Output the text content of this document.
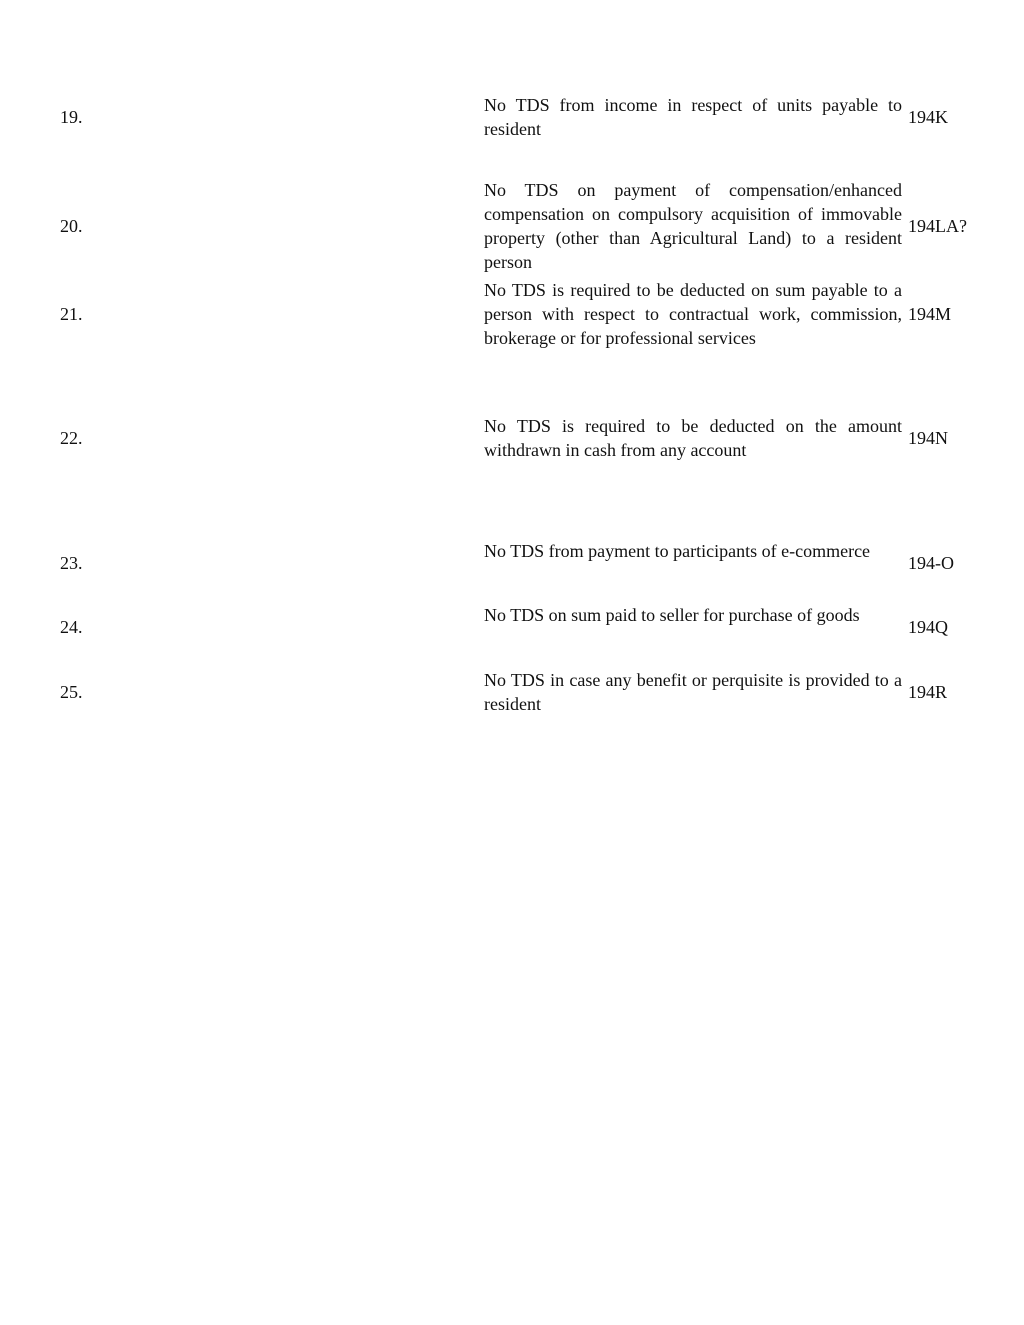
19.
No TDS from income in respect of units payable to resident
194K
20.
No TDS on payment of compensation/enhanced compensation on compulsory acquisition of immovable property (other than Agricultural Land) to a resident person
194LA?
21.
No TDS is required to be deducted on sum payable to a person with respect to contractual work, commission, brokerage or for professional services
194M
22.
No TDS is required to be deducted on the amount withdrawn in cash from any account
194N
23.
No TDS from payment to participants of e-commerce
194-O
24.
No TDS on sum paid to seller for purchase of goods
194Q
25.
No TDS in case any benefit or perquisite is provided to a resident
194R
